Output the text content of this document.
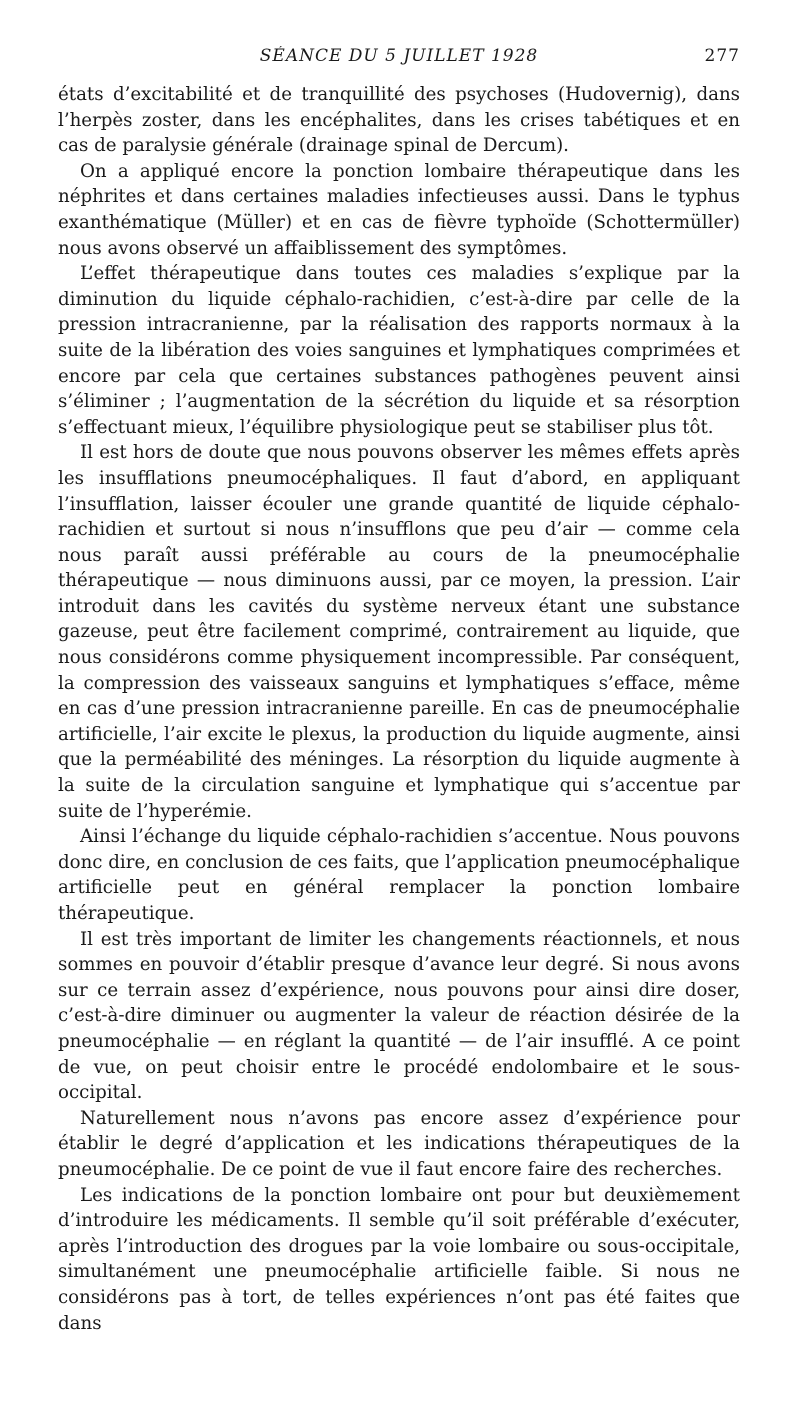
SÉANCE DU 5 JUILLET 1928	277

états d’excitabilité et de tranquillité des psychoses (Hudovernig), dans l’herpès zoster, dans les encéphalites, dans les crises tabétiques et en cas de paralysie générale (drainage spinal de Dercum).

On a appliqué encore la ponction lombaire thérapeutique dans les néphrites et dans certaines maladies infectieuses aussi. Dans le typhus exanthématique (Müller) et en cas de fièvre typhoïde (Schottermüller) nous avons observé un affaiblissement des symptômes.

L’effet thérapeutique dans toutes ces maladies s’explique par la diminution du liquide céphalo-rachidien, c’est-à-dire par celle de la pression intracranienne, par la réalisation des rapports normaux à la suite de la libération des voies sanguines et lymphatiques comprimées et encore par cela que certaines substances pathogènes peuvent ainsi s’éliminer ; l’augmentation de la sécrétion du liquide et sa résorption s’effectuant mieux, l’équilibre physiologique peut se stabiliser plus tôt.

Il est hors de doute que nous pouvons observer les mêmes effets après les insufflations pneumocéphaliques. Il faut d’abord, en appliquant l’insufflation, laisser écouler une grande quantité de liquide céphalo-rachidien et surtout si nous n’insufflons que peu d’air — comme cela nous paraît aussi préférable au cours de la pneumocéphalie thérapeutique — nous diminuons aussi, par ce moyen, la pression. L’air introduit dans les cavités du système nerveux étant une substance gazeuse, peut être facilement comprimé, contrairement au liquide, que nous considérons comme physiquement incompressible. Par conséquent, la compression des vaisseaux sanguins et lymphatiques s’efface, même en cas d’une pression intracranienne pareille. En cas de pneumocéphalie artificielle, l’air excite le plexus, la production du liquide augmente, ainsi que la perméabilité des méninges. La résorption du liquide augmente à la suite de la circulation sanguine et lymphatique qui s’accentue par suite de l’hyperémie.

Ainsi l’échange du liquide céphalo-rachidien s’accentue. Nous pouvons donc dire, en conclusion de ces faits, que l’application pneumocéphalique artificielle peut en général remplacer la ponction lombaire thérapeutique.

Il est très important de limiter les changements réactionnels, et nous sommes en pouvoir d’établir presque d’avance leur degré. Si nous avons sur ce terrain assez d’expérience, nous pouvons pour ainsi dire doser, c’est-à-dire diminuer ou augmenter la valeur de réaction désirée de la pneumocéphalie — en réglant la quantité — de l’air insufflé. A ce point de vue, on peut choisir entre le procédé endolombaire et le sous-occipital.

Naturellement nous n’avons pas encore assez d’expérience pour établir le degré d’application et les indications thérapeutiques de la pneumocéphalie. De ce point de vue il faut encore faire des recherches.

Les indications de la ponction lombaire ont pour but deuxièmement d’introduire les médicaments. Il semble qu’il soit préférable d’exécuter, après l’introduction des drogues par la voie lombaire ou sous-occipitale, simultanément une pneumocéphalie artificielle faible. Si nous ne considérons pas à tort, de telles expériences n’ont pas été faites que dans
